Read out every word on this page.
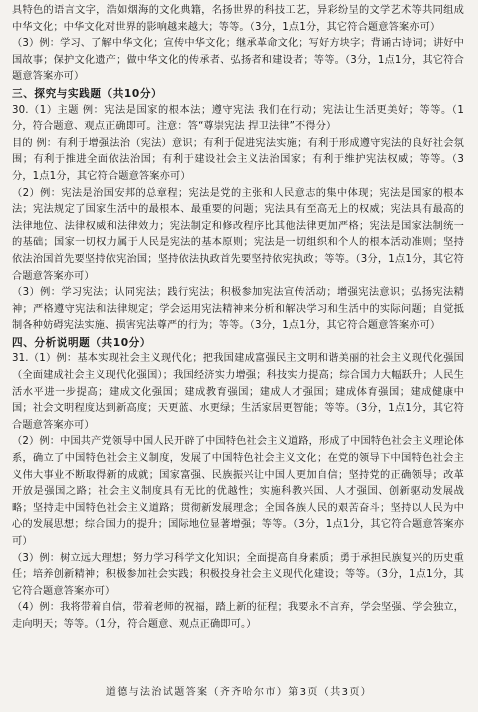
具特色的语言文字，浩如烟海的文化典籍，名扬世界的科技工艺，异彩纷呈的文学艺术等共同组成中华文化；中华文化对世界的影响越来越大；等等。（3分，1点1分，其它符合题意答案亦可）

（3）例：学习、了解中华文化；宣传中华文化；继承革命文化；写好方块字；背诵古诗词；讲好中国故事；保护文化遗产；做中华文化的传承者、弘扬者和建设者；等等。（3分，1点1分，其它符合题意答案亦可）

三、探究与实践题（共10分）

30.（1）主题 例：宪法是国家的根本法；遵守宪法 我们在行动；宪法让生活更美好；等等。（1分，符合题意、观点正确即可。注意：答“尊崇宪法 捍卫法律”不得分）

目的 例：有利于增强法治（宪法）意识；有利于促进宪法实施；有利于形成遵守宪法的良好社会氛围；有利于推进全面依法治国；有利于建设社会主义法治国家；有利于维护宪法权威；等等。（3分，1点1分，其它符合题意答案亦可）

（2）例：宪法是治国安邦的总章程；宪法是党的主张和人民意志的集中体现；宪法是国家的根本法；宪法规定了国家生活中的最根本、最重要的问题；宪法具有至高无上的权威；宪法具有最高的法律地位、法律权威和法律效力；宪法制定和修改程序比其他法律更加严格；宪法是国家法制统一的基础；国家一切权力属于人民是宪法的基本原则；宪法是一切组织和个人的根本活动准则；坚持依法治国首先要坚持依宪治国；坚持依法执政首先要坚持依宪执政；等等。（3分，1点1分，其它符合题意答案亦可）

（3）例：学习宪法；认同宪法；践行宪法；积极参加宪法宣传活动；增强宪法意识；弘扬宪法精神；严格遵守宪法和法律规定；学会运用宪法精神来分析和解决学习和生活中的实际问题；自觉抵制各种妨碍宪法实施、损害宪法尊严的行为；等等。（3分，1点1分，其它符合题意答案亦可）

四、分析说明题（共10分）

31.（1）例：基本实现社会主义现代化；把我国建成富强民主文明和谐美丽的社会主义现代化强国（全面建成社会主义现代化强国）；我国经济实力增强；科技实力提高；综合国力大幅跃升；人民生活水平进一步提高；建成文化强国；建成教育强国；建成人才强国；建成体育强国；建成健康中国；社会文明程度达到新高度；天更蓝、水更绿；生活家居更智能；等等。（3分，1点1分，其它符合题意答案亦可）

（2）例：中国共产党领导中国人民开辟了中国特色社会主义道路，形成了中国特色社会主义理论体系，确立了中国特色社会主义制度，发展了中国特色社会主义文化；在党的领导下中国特色社会主义伟大事业不断取得新的成就；国家富强、民族振兴让中国人更加自信；坚持党的正确领导；改革开放是强国之路；社会主义制度具有无比的优越性；实施科教兴国、人才强国、创新驱动发展战略；坚持走中国特色社会主义道路；贯彻新发展理念；全国各族人民的艰苦奋斗；坚持以人民为中心的发展思想；综合国力的提升；国际地位显著增强；等等。（3分，1点1分，其它符合题意答案亦可）

（3）例：树立远大理想；努力学习科学文化知识；全面提高自身素质；勇于承担民族复兴的历史重任；培养创新精神；积极参加社会实践；积极投身社会主义现代化建设；等等。（3分，1点1分，其它符合题意答案亦可）

（4）例：我将带着自信，带着老师的祝福，踏上新的征程；我要永不言弃，学会坚强、学会独立，走向明天；等等。（1分，符合题意、观点正确即可。）

道德与法治试题答案（齐齐哈尔市）第3页（共3页）
